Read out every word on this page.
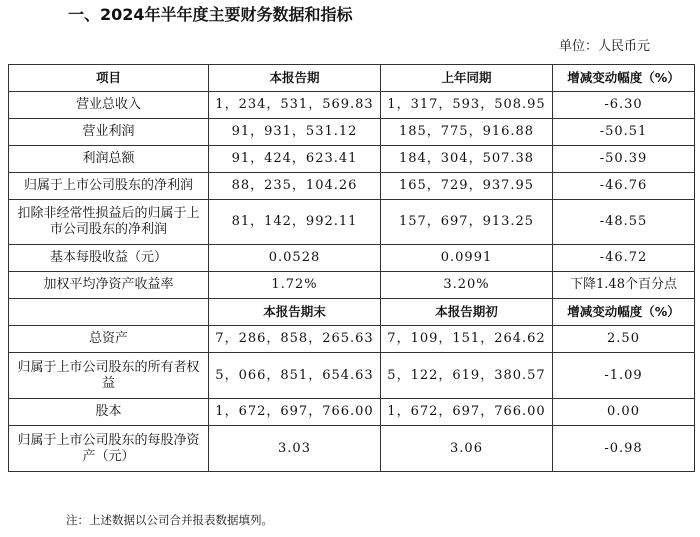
一、2024年半年度主要财务数据和指标
单位：人民币元
项目	本报告期	上年同期	增减变动幅度（%）
营业总收入	1，234，531，569.83	1，317，593，508.95	-6.30
营业利润	91，931，531.12	185，775，916.88	-50.51
利润总额	91，424，623.41	184，304，507.38	-50.39
归属于上市公司股东的净利润	88，235，104.26	165，729，937.95	-46.76
扣除非经常性损益后的归属于上市公司股东的净利润	81，142，992.11	157，697，913.25	-48.55
基本每股收益（元）	0.0528	0.0991	-46.72
加权平均净资产收益率	1.72%	3.20%	下降1.48个百分点
	本报告期末	本报告期初	增减变动幅度（%）
总资产	7，286，858，265.63	7，109，151，264.62	2.50
归属于上市公司股东的所有者权益	5，066，851，654.63	5，122，619，380.57	-1.09
股本	1，672，697，766.00	1，672，697，766.00	0.00
归属于上市公司股东的每股净资产（元）	3.03	3.06	-0.98
注：上述数据以公司合并报表数据填列。
